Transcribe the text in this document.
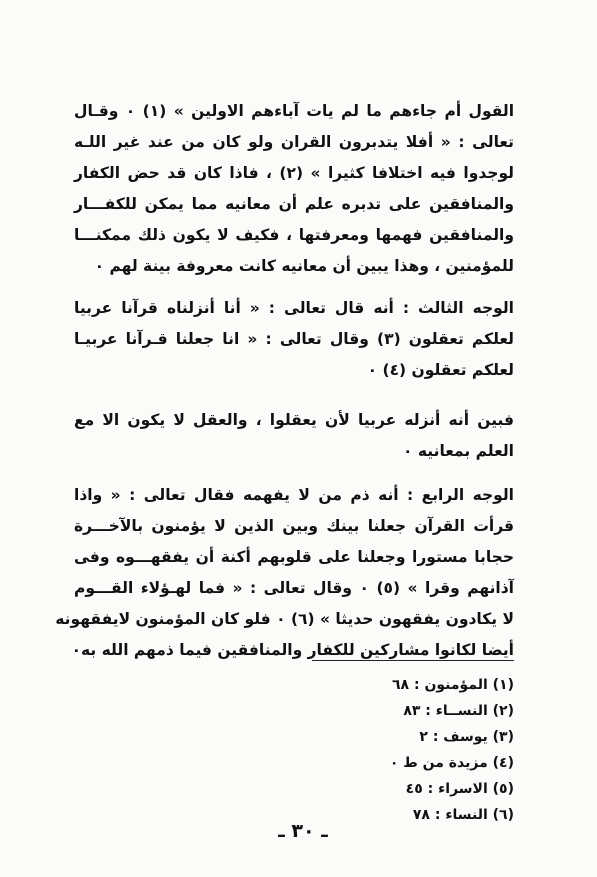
القول أم جاءهم ما لم يات آباءهم الاولين » (١) ٠ وقـال
تعالى : « أفلا يتدبرون القران ولو كان من عند غير اللـه
لوجدوا فيه اختلافا كثيرا » (٢) ، فاذا كان قد حض الكفار
والمنافقين على تدبره علم أن معانيه مما يمكن للكفـــار
والمنافقين فهمها ومعرفتها ، فكيف لا يكون ذلك ممكنـــا
للمؤمنين ، وهذا يبين أن معانيه كانت معروفة بينة لهم ٠
الوجه الثالث : أنه قال تعالى : « أنا أنزلناه قرآنا عربيا
لعلكم تعقلون (٣) وقال تعالى : « انا جعلنا قـرآنا عربيـا
لعلكم تعقلون (٤) ٠
فبين أنه أنزله عربيا لأن يعقلوا ، والعقل لا يكون الا مع
العلم بمعانيه ٠
الوجه الرابع : أنه ذم من لا يفهمه فقال تعالى : « واذا
قرأت القرآن جعلنا بينك وبين الذين لا يؤمنون بالآخـــرة
حجابا مستورا وجعلنا على قلوبهم أكنة أن يفقهـــوه وفى
آذانهم وقرا » (٥) ٠ وقال تعالى : « فما لهـؤلاء القـــوم
لا يكادون يفقهون حديثا » (٦) ٠ فلو كان المؤمنون لايفقهونه
أيضا لكانوا مشاركين للكفار والمنافقين فيما ذمهم الله به٠
(١) المؤمنون : ٦٨
(٢) النســاء : ٨٣
(٣) يوسف : ٢
(٤) مزيدة من ط ٠
(٥) الاسراء : ٤٥
(٦) النساء : ٧٨
ـ ٣٠ ـ
